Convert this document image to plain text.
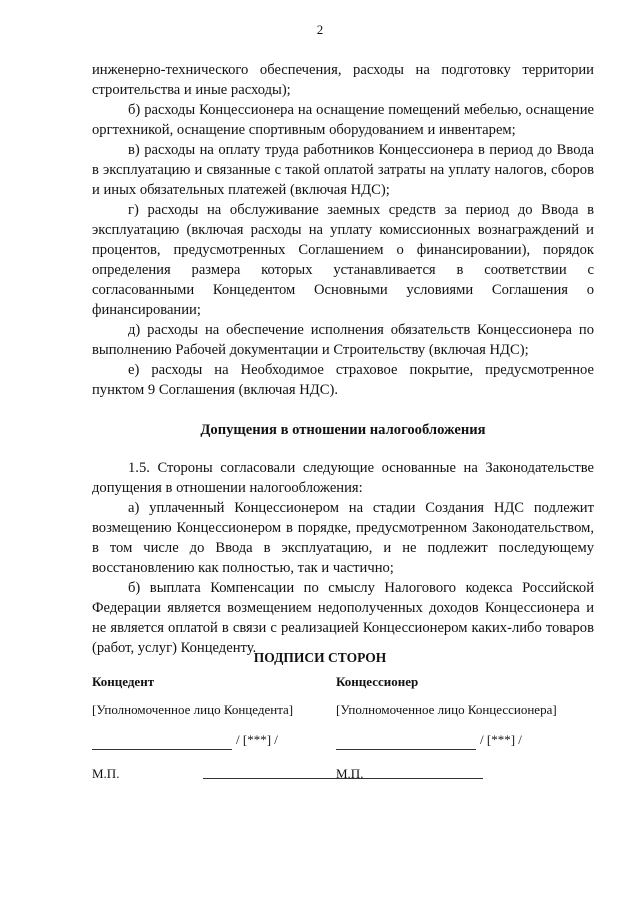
2

инженерно-технического обеспечения, расходы на подготовку территории строительства и иные расходы);

б) расходы Концессионера на оснащение помещений мебелью, оснащение оргтехникой, оснащение спортивным оборудованием и инвентарем;

в) расходы на оплату труда работников Концессионера в период до Ввода в эксплуатацию и связанные с такой оплатой затраты на уплату налогов, сборов и иных обязательных платежей (включая НДС);

г) расходы на обслуживание заемных средств за период до Ввода в эксплуатацию (включая расходы на уплату комиссионных вознаграждений и процентов, предусмотренных Соглашением о финансировании), порядок определения размера которых устанавливается в соответствии с согласованными Концедентом Основными условиями Соглашения о финансировании;

д) расходы на обеспечение исполнения обязательств Концессионера по выполнению Рабочей документации и Строительству (включая НДС);

е) расходы на Необходимое страховое покрытие, предусмотренное пунктом 9 Соглашения (включая НДС).

Допущения в отношении налогообложения

1.5. Стороны согласовали следующие основанные на Законодательстве допущения в отношении налогообложения:

а) уплаченный Концессионером на стадии Создания НДС подлежит возмещению Концессионером в порядке, предусмотренном Законодательством, в том числе до Ввода в эксплуатацию, и не подлежит последующему восстановлению как полностью, так и частично;

б) выплата Компенсации по смыслу Налогового кодекса Российской Федерации является возмещением недополученных доходов Концессионера и не является оплатой в связи с реализацией Концессионером каких-либо товаров (работ, услуг) Концеденту.

ПОДПИСИ СТОРОН
Концедент
[Уполномоченное лицо Концедента]
/ [***] /
М.П.
Концессионер
[Уполномоченное лицо Концессионера]
/ [***] /
М.П.
